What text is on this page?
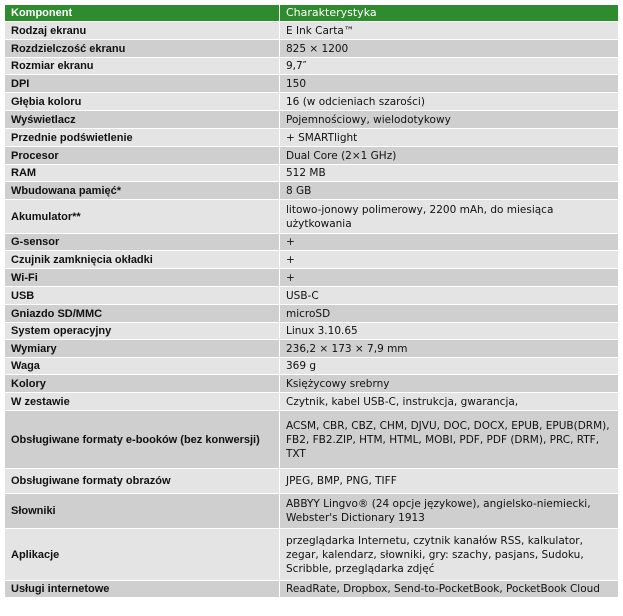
Komponent	Charakterystyka
Rodzaj ekranu	E Ink Carta™
Rozdzielczość ekranu	825 × 1200
Rozmiar ekranu	9,7″
DPI	150
Głębia koloru	16 (w odcieniach szarości)
Wyświetlacz	Pojemnościowy, wielodotykowy
Przednie podświetlenie	+ SMARTlight
Procesor	Dual Core (2×1 GHz)
RAM	512 MB
Wbudowana pamięć*	8 GB
Akumulator**	litowo-jonowy polimerowy, 2200 mAh, do miesiąca użytkowania
G-sensor	+
Czujnik zamknięcia okładki	+
Wi-Fi	+
USB	USB-C
Gniazdo SD/MMC	microSD
System operacyjny	Linux 3.10.65
Wymiary	236,2 × 173 × 7,9 mm
Waga	369 g
Kolory	Księżycowy srebrny
W zestawie	Czytnik, kabel USB-C, instrukcja, gwarancja,
Obsługiwane formaty e-booków (bez konwersji)	ACSM, CBR, CBZ, CHM, DJVU, DOC, DOCX, EPUB, EPUB(DRM), FB2, FB2.ZIP, HTM, HTML, MOBI, PDF, PDF (DRM), PRC, RTF, TXT
Obsługiwane formaty obrazów	JPEG, BMP, PNG, TIFF
Słowniki	ABBYY Lingvo® (24 opcje językowe), angielsko-niemiecki, Webster's Dictionary 1913
Aplikacje	przeglądarka Internetu, czytnik kanałów RSS, kalkulator, zegar, kalendarz, słowniki, gry: szachy, pasjans, Sudoku, Scribble, przeglądarka zdjęć
Usługi internetowe	ReadRate, Dropbox, Send-to-PocketBook, PocketBook Cloud
